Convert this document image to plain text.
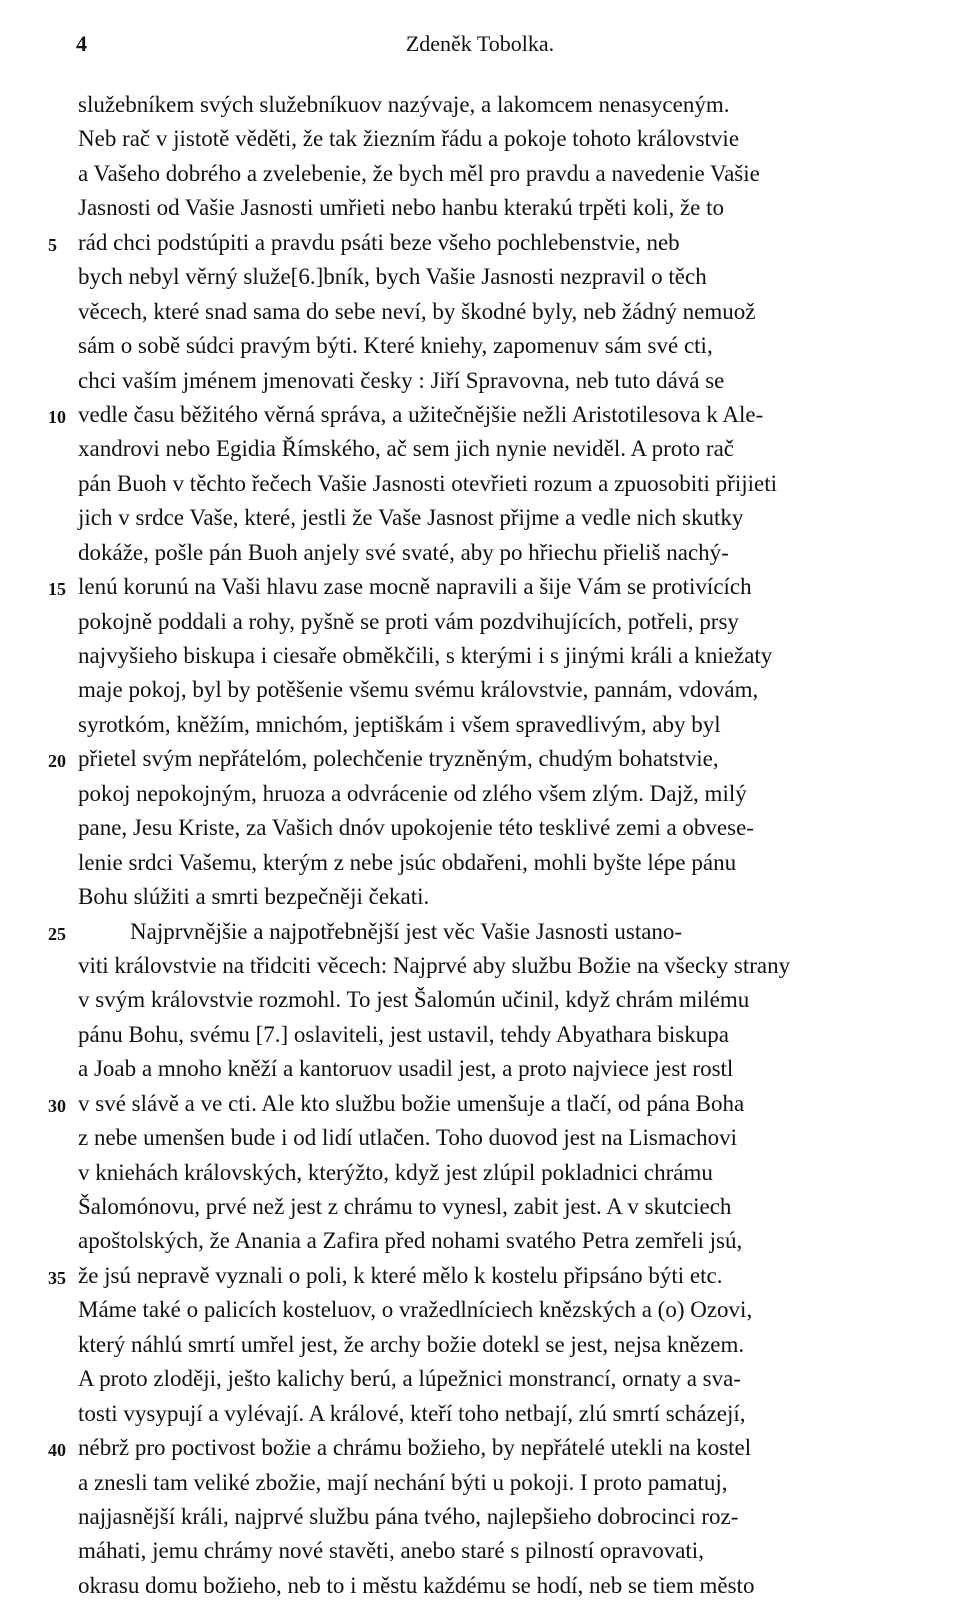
4	Zdeněk Tobolka.
služebníkem svých služebníkuov nazývaje, a lakomcem nenasyceným.
Neb rač v jistotě věděti, že tak žiezním řádu a pokoje tohoto královstvie
a Vašeho dobrého a zvelebenie, že bych měl pro pravdu a navedenie Vašie
Jasnosti od Vašie Jasnosti umřieti nebo hanbu kterakú trpěti koli, že to
5 rád chci podstúpiti a pravdu psáti beze všeho pochlebenstvie, neb
bych nebyl věrný služe[6.]bník, bych Vašie Jasnosti nezpravil o těch
věcech, které snad sama do sebe neví, by škodné byly, neb žádný nemuož
sám o sobě súdci pravým býti. Které kniehy, zapomenuv sám své cti,
chci vaším jménem jmenovati česky : Jiří Spravovna, neb tuto dává se
10 vedle času běžitého věrná správa, a užitečnějšie nežli Aristotilesova k Ale-
xandrovi nebo Egidia Římského, ač sem jich nynie neviděl. A proto rač
pán Buoh v těchto řečech Vašie Jasnosti otevřieti rozum a zpuosobiti přijieti
jich v srdce Vaše, které, jestli že Vaše Jasnost přijme a vedle nich skutky
dokáže, pošle pán Buoh anjely své svaté, aby po hřiechu přieliš nachý-
15 lenú korunú na Vaši hlavu zase mocně napravili a šije Vám se protivících
pokojně poddali a rohy, pyšně se proti vám pozdvihujících, potřeli, prsy
najvyšieho biskupa i ciesaře obměkčili, s kterými i s jinými králi a kniežaty
maje pokoj, byl by potěšenie všemu svému královstvie, pannám, vdovám,
syrotkóm, kněžím, mnichóm, jeptiškám i všem spravedlivým, aby byl
20 přietel svým nepřátelóm, polechčenie tryzněným, chudým bohatstvie,
pokoj nepokojným, hruoza a odvrácenie od zlého všem zlým. Dajž, milý
pane, Jesu Kriste, za Vašich dnóv upokojenie této tesklivé zemi a obvese-
lenie srdci Vašemu, kterým z nebe jsúc obdařeni, mohli byšte lépe pánu
Bohu slúžiti a smrti bezpečněji čekati.
25	Najprvnějšie a najpotřebnější jest věc Vašie Jasnosti ustano-
viti královstvie na třidciti věcech: Najprvé aby službu Božie na všecky strany
v svým královstvie rozmohl. To jest Šalomún učinil, když chrám milému
pánu Bohu, svému [7.] oslaviteli, jest ustavil, tehdy Abyathara biskupa
a Joab a mnoho kněží a kantoruov usadil jest, a proto najviece jest rostl
30 v své slávě a ve cti. Ale kto službu božie umenšuje a tlačí, od pána Boha
z nebe umenšen bude i od lidí utlačen. Toho duovod jest na Lismachovi
v kniehách královských, kterýžto, když jest zlúpil pokladnici chrámu
Šalomónovu, prvé než jest z chrámu to vynesl, zabit jest. A v skutciech
apoštolských, že Anania a Zafira před nohami svatého Petra zemřeli jsú,
35 že jsú nepravě vyznali o poli, k které mělo k kostelu připsáno býti etc.
Máme také o palicích kosteluov, o vražedlníciech knězských a (o) Ozovi,
který náhlú smrtí umřel jest, že archy božie dotekl se jest, nejsa knězem.
A proto zloději, ješto kalichy berú, a lúpežnici monstrancí, ornaty a sva-
tosti vysypují a vylévají. A králové, kteří toho netbají, zlú smrtí scházejí,
40 nébrž pro poctivost božie a chrámu božieho, by nepřátelé utekli na kostel
a znesli tam veliké zbožie, mají nechání býti u pokoji. I proto pamatuj,
najjasnější králi, najprvé službu pána tvého, najlepšieho dobrocinci roz-
máhati, jemu chrámy nové stavěti, anebo staré s pilností opravovati,
okrasu domu božieho, neb to i městu každému se hodí, neb se tiem město
